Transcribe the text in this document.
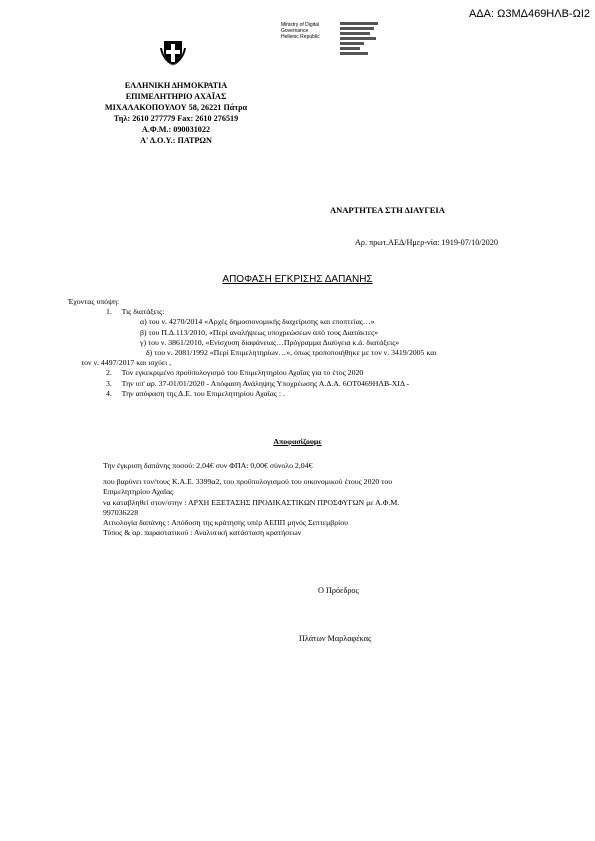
ΑΔΑ: Ω3ΜΔ469ΗΛΒ-ΩΙ2
Ministry of Digital
Governance
Hellenic Republic
ΕΛΛΗΝΙΚΗ ΔΗΜΟΚΡΑΤΙΑ
ΕΠΙΜΕΛΗΤΗΡΙΟ ΑΧΑΪΑΣ
ΜΙΧΑΛΑΚΟΠΟΥΛΟΥ 58, 26221 Πάτρα
Τηλ: 2610 277779 Fax: 2610 276519
Α.Φ.Μ.: 090031022
Α' Δ.Ο.Υ.: ΠΑΤΡΩΝ
ΑΝΑΡΤΗΤΕΑ ΣΤΗ ΔΙΑΥΓΕΙΑ
Αρ. πρωτ.ΑΕΔ/Ημερ-νία: 1919-07/10/2020
ΑΠΟΦΑΣΗ ΕΓΚΡΙΣΗΣ ΔΑΠΑΝΗΣ
Έχοντας υπόψη:
1.     Τις διατάξεις:
α) του ν. 4270/2014 «Αρχές δημοσιονομικής διαχείρισης και εποπτείας…»
β) του Π.Δ.113/2010, «Περί αναλήψεως υποχρεώσεων από τους Διατάκτες»
γ) του ν. 3861/2010, «Ενίσχυση διαφάνειας…Πρόγραμμα Διαύγεια κ.ά. διατάξεις»
δ) του ν. 2081/1992 «Περί Επιμελητηρίων…», όπως τροποποιήθηκε με τον ν. 3419/2005 και
τον ν. 4497/2017 και ισχύει ,
2.     Τον εγκεκριμένο προϋπολογισμό του Επιμελητηρίου Αχαΐας για το έτος 2020
3.     Την υπ' αρ. 37-01/01/2020 - Απόφαση Ανάληψης Υποχρέωσης Α.Δ.Α. 6ΟΤ0469ΗΛΒ-ΧΙΔ -
4.     Την απόφαση της Δ.Ε. του Επιμελητηρίου Αχαΐας : .
Αποφασίζουμε
Την έγκριση δαπάνης ποσού: 2,04€ συν ΦΠΑ: 0,00€ σύνολο 2,04€
που βαρύνει τον/τους Κ.Α.Ε. 3399α2, του προϋπολογισμού του οικονομικού έτους 2020 του
Επιμελητηρίου Αχαΐας
να καταβληθεί στον/στην : ΑΡΧΗ ΕΞΕΤΑΣΗΣ ΠΡΟΔΙΚΑΣΤΙΚΩΝ ΠΡΟΣΦΥΓΩΝ με Α.Φ.Μ.
997036228
Αιτιολογία δαπάνης : Απόδοση της κράτησης υπέρ ΑΕΠΠ μηνός Σεπτεμβρίου
Τύπος & αρ. παραστατικού : Αναλυτική κατάσταση κρατήσεων
Ο Πρόεδρος
Πλάτων Μαρλαφέκας
